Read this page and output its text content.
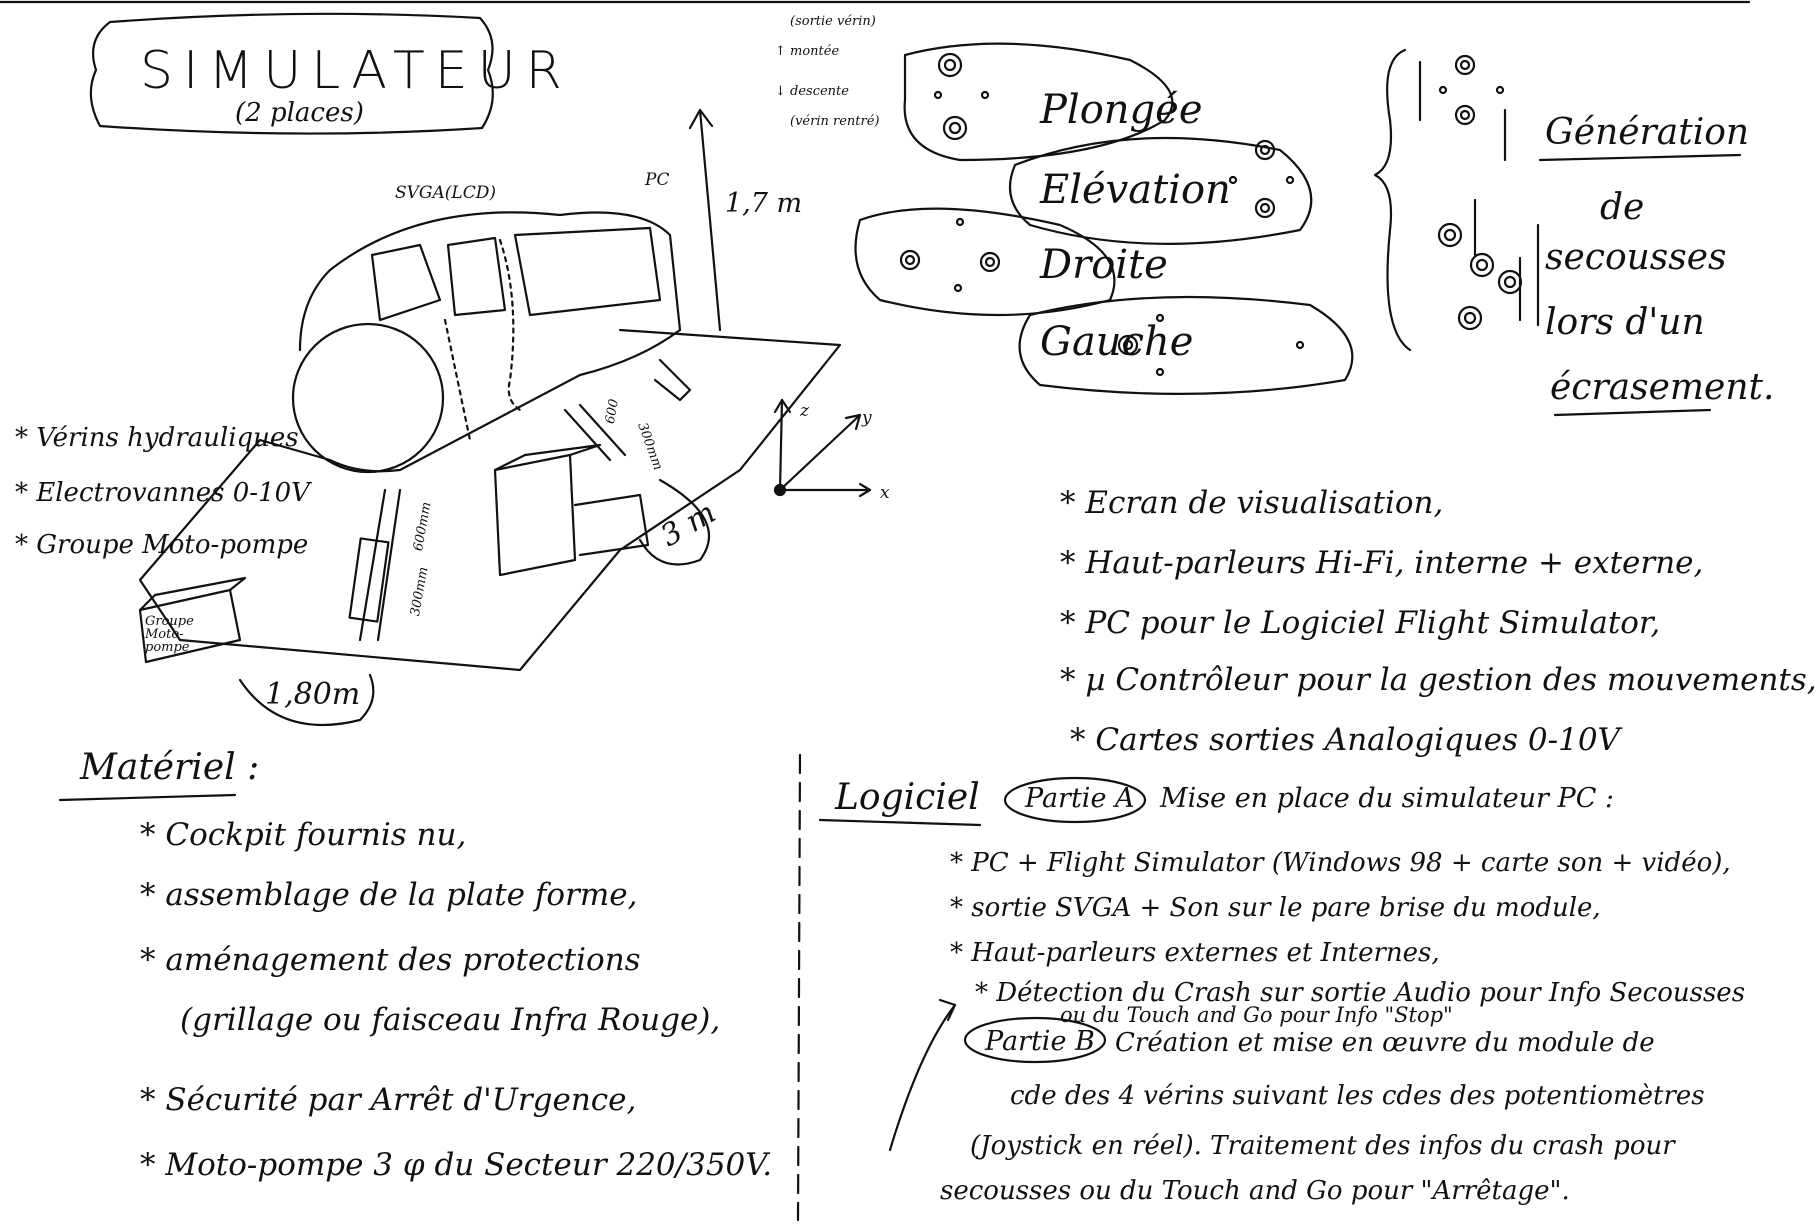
SIMULATEUR
(2 places)
SVGA(LCD)
PC
1,7 m
600
300mm
600mm
300mm
3 m
1,80m
Groupe Moto-pompe
z	y
x
* Vérins hydrauliques
* Electrovannes 0-10V
* Groupe Moto-pompe
(sortie vérin)
↑ montée
↓ descente
(vérin rentré)	Plongée
Elévation
Droite
Gauche
Génération
de
secousses
lors d'un
écrasement.
* Ecran de visualisation,
* Haut-parleurs Hi-Fi, interne + externe,
* PC pour le Logiciel Flight Simulator,
* µ Contrôleur pour la gestion des mouvements,
* Cartes sorties Analogiques 0-10V
Matériel :
* Cockpit fournis nu,
* assemblage de la plate forme,
* aménagement des protections
(grillage ou faisceau Infra Rouge),
* Sécurité par Arrêt d'Urgence,
* Moto-pompe 3 φ du Secteur 220/350V.
Logiciel Partie A Mise en place du simulateur PC :
* PC + Flight Simulator (Windows 98 + carte son + vidéo),
* sortie SVGA + Son sur le pare brise du module,
* Haut-parleurs externes et Internes,
* Détection du Crash sur sortie Audio pour Info Secousses
ou du Touch and Go pour Info "Stop"
Partie B Création et mise en œuvre du module de
cde des 4 vérins suivant les cdes des potentiomètres
(Joystick en réel). Traitement des infos du crash pour
secousses ou du Touch and Go pour "Arrêtage".
